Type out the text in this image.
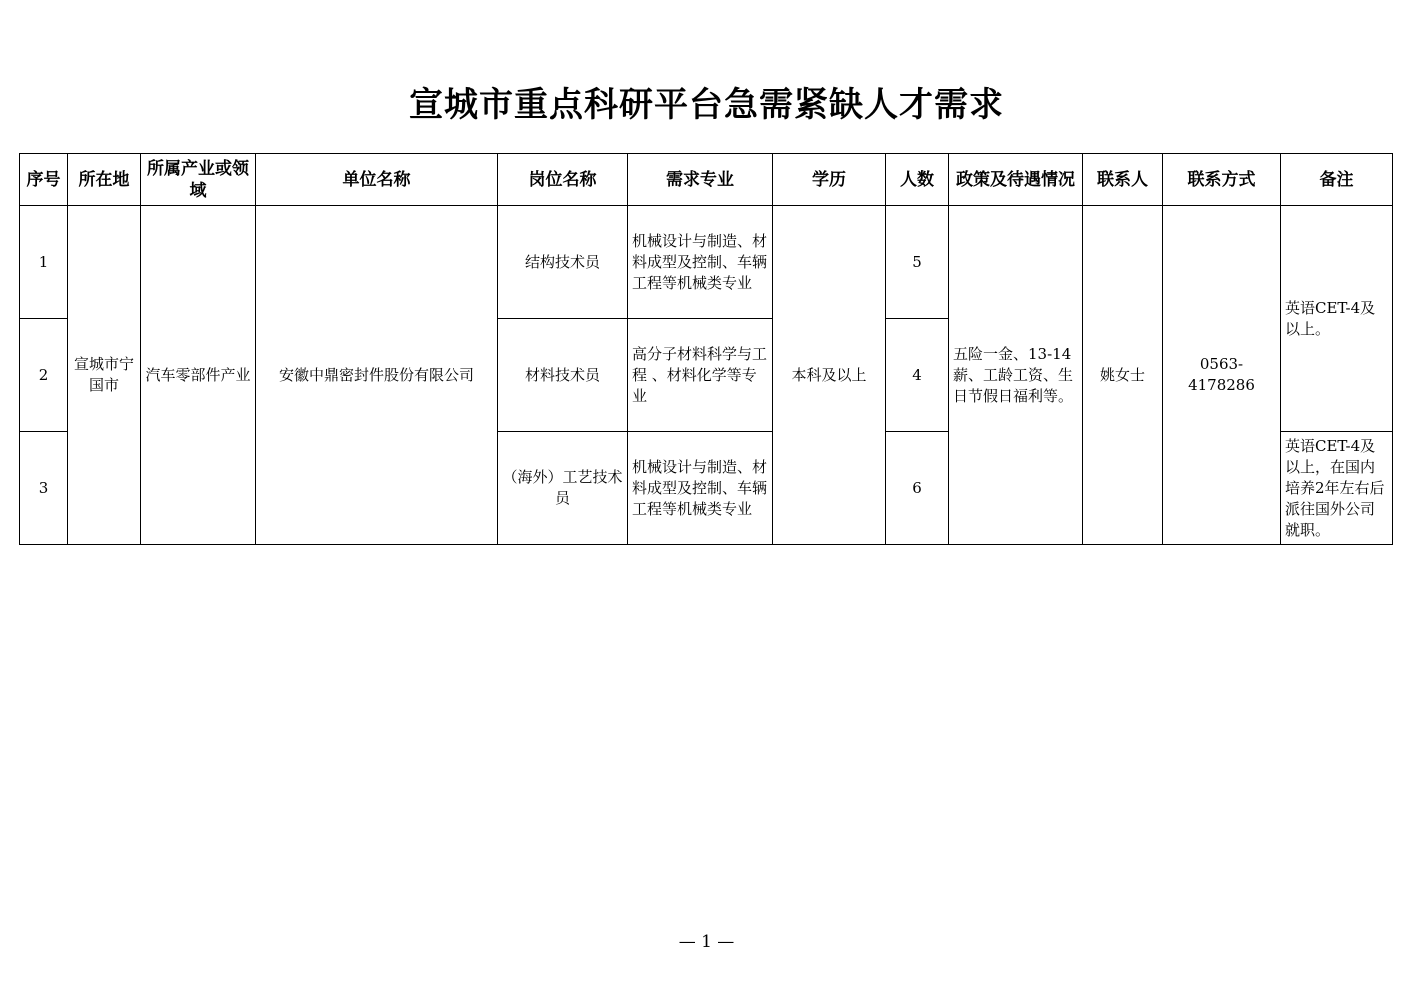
宣城市重点科研平台急需紧缺人才需求
序号	所在地	所属产业或领域	单位名称	岗位名称	需求专业	学历	人数	政策及待遇情况	联系人	联系方式	备注
1	宣城市宁国市	汽车零部件产业	安徽中鼎密封件股份有限公司	结构技术员	机械设计与制造、材料成型及控制、车辆工程等机械类专业	本科及以上	5	五险一金、13-14薪、工龄工资、生日节假日福利等。	姚女士	0563-4178286	英语CET-4及以上。
2				材料技术员	高分子材料科学与工程 、材料化学等专业		4				
3				（海外）工艺技术员	机械设计与制造、材料成型及控制、车辆工程等机械类专业		6				英语CET-4及以上，在国内培养2年左右后派往国外公司就职。
— 1 —
